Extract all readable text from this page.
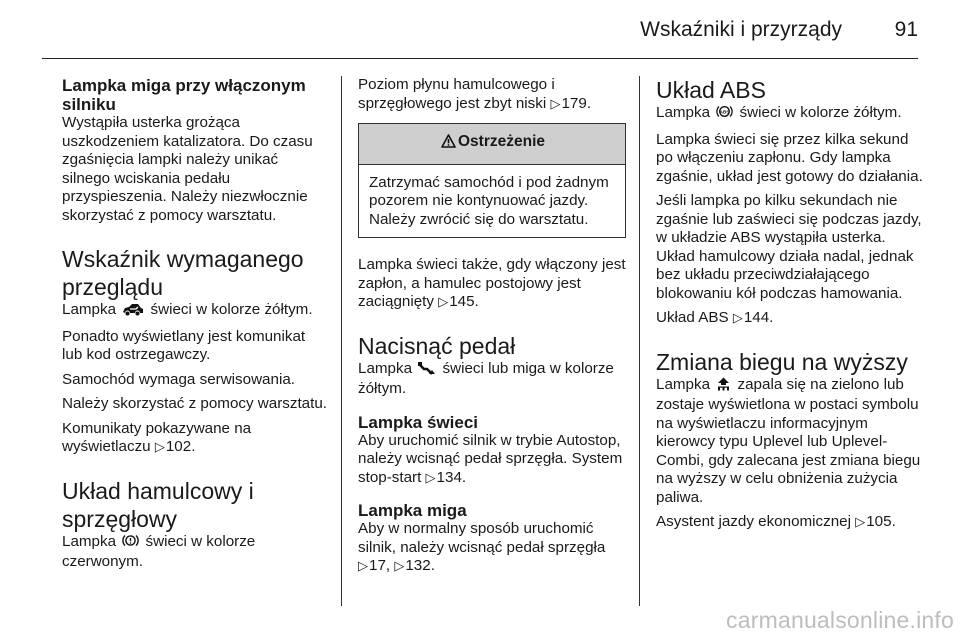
Wskaźniki i przyrządy	91
Lampka miga przy włączonym silniku

Wystąpiła usterka grożąca uszkodzeniem katalizatora. Do czasu zgaśnięcia lampki należy unikać silnego wciskania pedału przyspieszenia. Należy niezwłocznie skorzystać z pomocy warsztatu.

Wskaźnik wymaganego przeglądu

Lampka świeci w kolorze żółtym.

Ponadto wyświetlany jest komunikat lub kod ostrzegawczy.

Samochód wymaga serwisowania.

Należy skorzystać z pomocy warsztatu.

Komunikaty pokazywane na wyświetlaczu ▷102.

Układ hamulcowy i sprzęgłowy

Lampka świeci w kolorze czerwonym.

Poziom płynu hamulcowego i sprzęgłowego jest zbyt niski ▷179.

Ostrzeżenie
Zatrzymać samochód i pod żadnym pozorem nie kontynuować jazdy. Należy zwrócić się do warsztatu.

Lampka świeci także, gdy włączony jest zapłon, a hamulec postojowy jest zaciągnięty ▷145.

Nacisnąć pedał

Lampka świeci lub miga w kolorze żółtym.

Lampka świeci

Aby uruchomić silnik w trybie Autostop, należy wcisnąć pedał sprzęgła. System stop-start ▷134.

Lampka miga

Aby w normalny sposób uruchomić silnik, należy wcisnąć pedał sprzęgła ▷17, ▷132.

Układ ABS

Lampka ABS świeci w kolorze żółtym.

Lampka świeci się przez kilka sekund po włączeniu zapłonu. Gdy lampka zgaśnie, układ jest gotowy do działania.

Jeśli lampka po kilku sekundach nie zgaśnie lub zaświeci się podczas jazdy, w układzie ABS wystąpiła usterka. Układ hamulcowy działa nadal, jednak bez układu przeciwdziałającego blokowaniu kół podczas hamowania.

Układ ABS ▷144.

Zmiana biegu na wyższy

Lampka zapala się na zielono lub zostaje wyświetlona w postaci symbolu na wyświetlaczu informacyjnym kierowcy typu Uplevel lub Uplevel-Combi, gdy zalecana jest zmiana biegu na wyższy w celu obniżenia zużycia paliwa.

Asystent jazdy ekonomicznej ▷105.

carmanualsonline.info
